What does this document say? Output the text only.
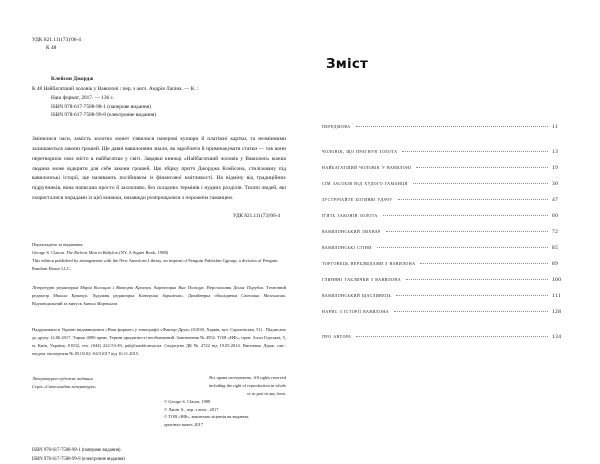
УДК 821.111(73)'06-4
К 48
Клейсон Джордж
К 48 Найбагатший чоловік у Вавилоні / пер. з англ. Андрія Лапіна. — К. :
Наш формат, 2017. — 136 с.
ISBN 978-617-7588-98-1 (паперове видання)
ISBN 978-617-7588-99-8 (електронне видання)
Змінилися часи, замість золотих монет з'явилися паперові купюри й платіжні картки, та незмінними залишаються закони грошей. Ще давні вавилоняни знали, як заробляти й примножувати статки — так вони перетворили своє місто в найбагатше у світі. Завдяки книжці «Найбагатший чоловік у Вавилоні» кожна людина може відкрити для себе закони грошей. Цю збірку притч Джорджа Клейсона, стилізовану під вавилонські історії, ще називають посібником із фінансової кмітливості. На відміну від традиційних підручників, вона написана просто й захопливо, без складних термінів і нудних розділів. Тисячі людей, які скористалися порадами із цієї книжки, назавжди розпрощалися з порожнім гаманцем.
УДК 821.111(73)'06-4
Перекладено за виданням:
George S. Clason. The Richest Man in Babylon (NY, A Signet Book, 1988)
This edition published by arrangement with the New American Library, an imprint of Penguin Publishin Ggroup, a division of Penguin Random House LLC.
Літературні редакторки Марія Волощак і Вікторія Кравчук. Коректорка Яна Поліщук. Верстальник Денис Порубов. Технічний редактор Микола Кравчук. Художня редакторка Катерина Авраменко. Дизайнерка обкладинки Світлана Мелешкова. Відповідальний за випуск Антон Мартинов.
Надруковано в Україні видавництвом «Наш формат» у типографії «Фактор-Друк» (61030, Харків, вул. Саратовська, 51) . Підписано до друку 12.06.2017. Тираж 4000 прим. Термін придатності необмежений. Замовлення № 4952. ТОВ «НФ», пров. Алли Горської, 5, м. Київ, Україна, 01032, тел. (044) 222-53-49, pub@nashformat.ua. Свідоцтво ДК № 4722 від 19.05.2014. Висновок Держ. сан.-епідем. експертизи № 05.03.02.-04/51017 від 16.11.2015.
Літературно-художнє видання
Серія «Світоглядна література»
Всі права застережено. All rights reserved
including the right of reproduction in whole
or in part in any form.
© George S. Clason, 1988
© Лапін А., пер. з англ., 2017
© ТОВ «НФ», виключна ліцензія на видання,
оригінал-макет, 2017
ISBN 978-617-7588-98-1 (паперове видання)
ISBN 978-617-7588-99-8 (електронне видання)
Зміст
передмова	11
чоловік, що прагнув золота	13
найбагатший чоловік у вавилоні	19
сім засобів від худого гаманця	30
зустрічайте богиню удачу	47
п'ять законів золота	60
вавилонський лихвар	72
вавилонські стіни	85
торговець верблюдами з вавилона	89
глиняні таблички з вавилона	100
вавилонський щасливець	111
нарис з історії вавилона	128
про автора	134
